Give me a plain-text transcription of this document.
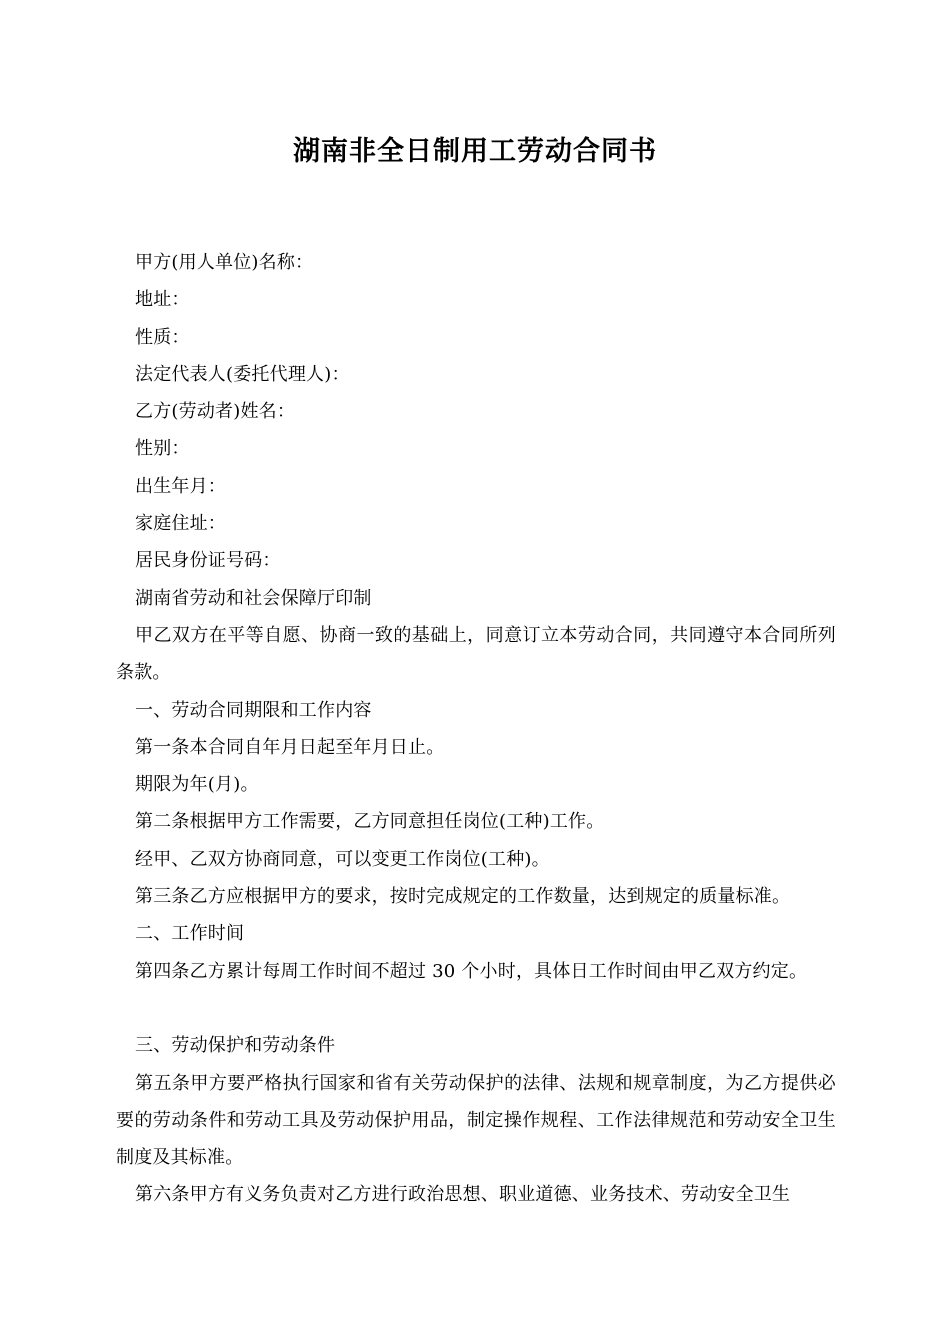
湖南非全日制用工劳动合同书

甲方(用人单位)名称：

地址：

性质：

法定代表人(委托代理人)：

乙方(劳动者)姓名：

性别：

出生年月：

家庭住址：

居民身份证号码：

湖南省劳动和社会保障厅印制

甲乙双方在平等自愿、协商一致的基础上，同意订立本劳动合同，共同遵守本合同所列条款。

一、劳动合同期限和工作内容

第一条本合同自年月日起至年月日止。

期限为年(月)。

第二条根据甲方工作需要，乙方同意担任岗位(工种)工作。

经甲、乙双方协商同意，可以变更工作岗位(工种)。

第三条乙方应根据甲方的要求，按时完成规定的工作数量，达到规定的质量标准。

二、工作时间

第四条乙方累计每周工作时间不超过 30 个小时，具体日工作时间由甲乙双方约定。

三、劳动保护和劳动条件

第五条甲方要严格执行国家和省有关劳动保护的法律、法规和规章制度，为乙方提供必要的劳动条件和劳动工具及劳动保护用品，制定操作规程、工作法律规范和劳动安全卫生制度及其标准。

第六条甲方有义务负责对乙方进行政治思想、职业道德、业务技术、劳动安全卫生
